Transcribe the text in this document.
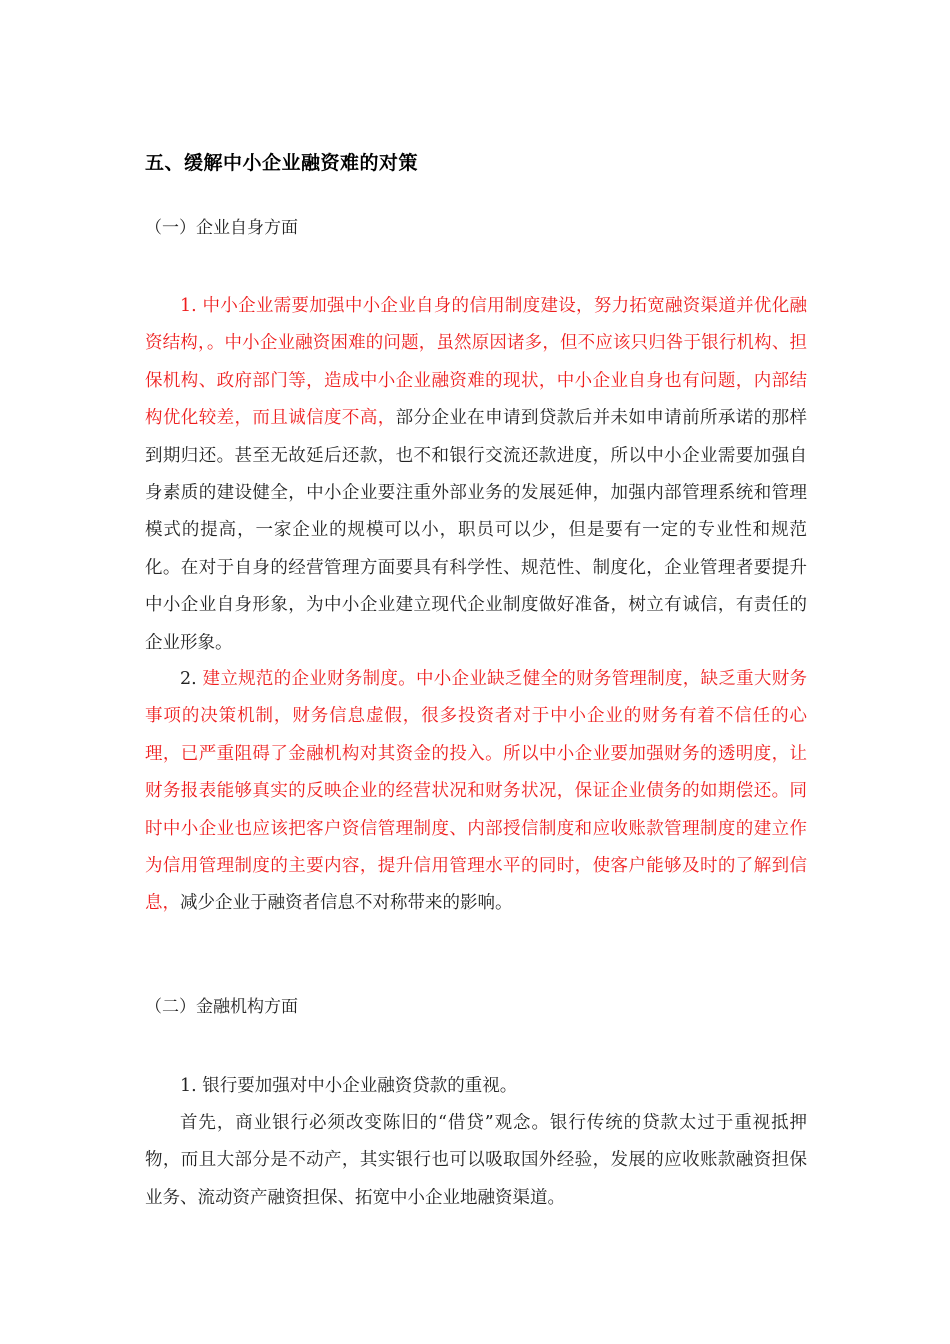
五、缓解中小企业融资难的对策
（一）企业自身方面

1. 中小企业需要加强中小企业自身的信用制度建设，努力拓宽融资渠道并优化融资结构，。中小企业融资困难的问题，虽然原因诸多，但不应该只归咎于银行机构、担保机构、政府部门等，造成中小企业融资难的现状，中小企业自身也有问题，内部结构优化较差，而且诚信度不高，部分企业在申请到贷款后并未如申请前所承诺的那样到期归还。甚至无故延后还款，也不和银行交流还款进度，所以中小企业需要加强自身素质的建设健全，中小企业要注重外部业务的发展延伸，加强内部管理系统和管理模式的提高，一家企业的规模可以小，职员可以少，但是要有一定的专业性和规范化。在对于自身的经营管理方面要具有科学性、规范性、制度化，企业管理者要提升中小企业自身形象，为中小企业建立现代企业制度做好准备，树立有诚信，有责任的企业形象。

2. 建立规范的企业财务制度。中小企业缺乏健全的财务管理制度，缺乏重大财务事项的决策机制，财务信息虚假，很多投资者对于中小企业的财务有着不信任的心理，已严重阻碍了金融机构对其资金的投入。所以中小企业要加强财务的透明度，让财务报表能够真实的反映企业的经营状况和财务状况，保证企业债务的如期偿还。同时中小企业也应该把客户资信管理制度、内部授信制度和应收账款管理制度的建立作为信用管理制度的主要内容，提升信用管理水平的同时，使客户能够及时的了解到信息，减少企业于融资者信息不对称带来的影响。

（二）金融机构方面

1. 银行要加强对中小企业融资贷款的重视。

首先，商业银行必须改变陈旧的“借贷”观念。银行传统的贷款太过于重视抵押物，而且大部分是不动产，其实银行也可以吸取国外经验，发展的应收账款融资担保业务、流动资产融资担保、拓宽中小企业地融资渠道。
